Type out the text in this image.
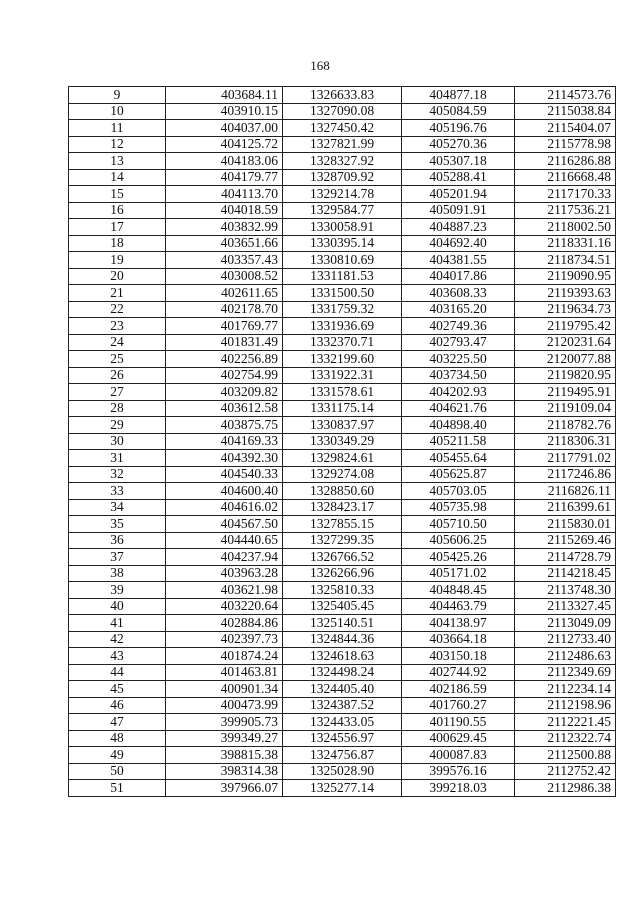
168
9	403684.11	1326633.83	404877.18	2114573.76
10	403910.15	1327090.08	405084.59	2115038.84
11	404037.00	1327450.42	405196.76	2115404.07
12	404125.72	1327821.99	405270.36	2115778.98
13	404183.06	1328327.92	405307.18	2116286.88
14	404179.77	1328709.92	405288.41	2116668.48
15	404113.70	1329214.78	405201.94	2117170.33
16	404018.59	1329584.77	405091.91	2117536.21
17	403832.99	1330058.91	404887.23	2118002.50
18	403651.66	1330395.14	404692.40	2118331.16
19	403357.43	1330810.69	404381.55	2118734.51
20	403008.52	1331181.53	404017.86	2119090.95
21	402611.65	1331500.50	403608.33	2119393.63
22	402178.70	1331759.32	403165.20	2119634.73
23	401769.77	1331936.69	402749.36	2119795.42
24	401831.49	1332370.71	402793.47	2120231.64
25	402256.89	1332199.60	403225.50	2120077.88
26	402754.99	1331922.31	403734.50	2119820.95
27	403209.82	1331578.61	404202.93	2119495.91
28	403612.58	1331175.14	404621.76	2119109.04
29	403875.75	1330837.97	404898.40	2118782.76
30	404169.33	1330349.29	405211.58	2118306.31
31	404392.30	1329824.61	405455.64	2117791.02
32	404540.33	1329274.08	405625.87	2117246.86
33	404600.40	1328850.60	405703.05	2116826.11
34	404616.02	1328423.17	405735.98	2116399.61
35	404567.50	1327855.15	405710.50	2115830.01
36	404440.65	1327299.35	405606.25	2115269.46
37	404237.94	1326766.52	405425.26	2114728.79
38	403963.28	1326266.96	405171.02	2114218.45
39	403621.98	1325810.33	404848.45	2113748.30
40	403220.64	1325405.45	404463.79	2113327.45
41	402884.86	1325140.51	404138.97	2113049.09
42	402397.73	1324844.36	403664.18	2112733.40
43	401874.24	1324618.63	403150.18	2112486.63
44	401463.81	1324498.24	402744.92	2112349.69
45	400901.34	1324405.40	402186.59	2112234.14
46	400473.99	1324387.52	401760.27	2112198.96
47	399905.73	1324433.05	401190.55	2112221.45
48	399349.27	1324556.97	400629.45	2112322.74
49	398815.38	1324756.87	400087.83	2112500.88
50	398314.38	1325028.90	399576.16	2112752.42
51	397966.07	1325277.14	399218.03	2112986.38
